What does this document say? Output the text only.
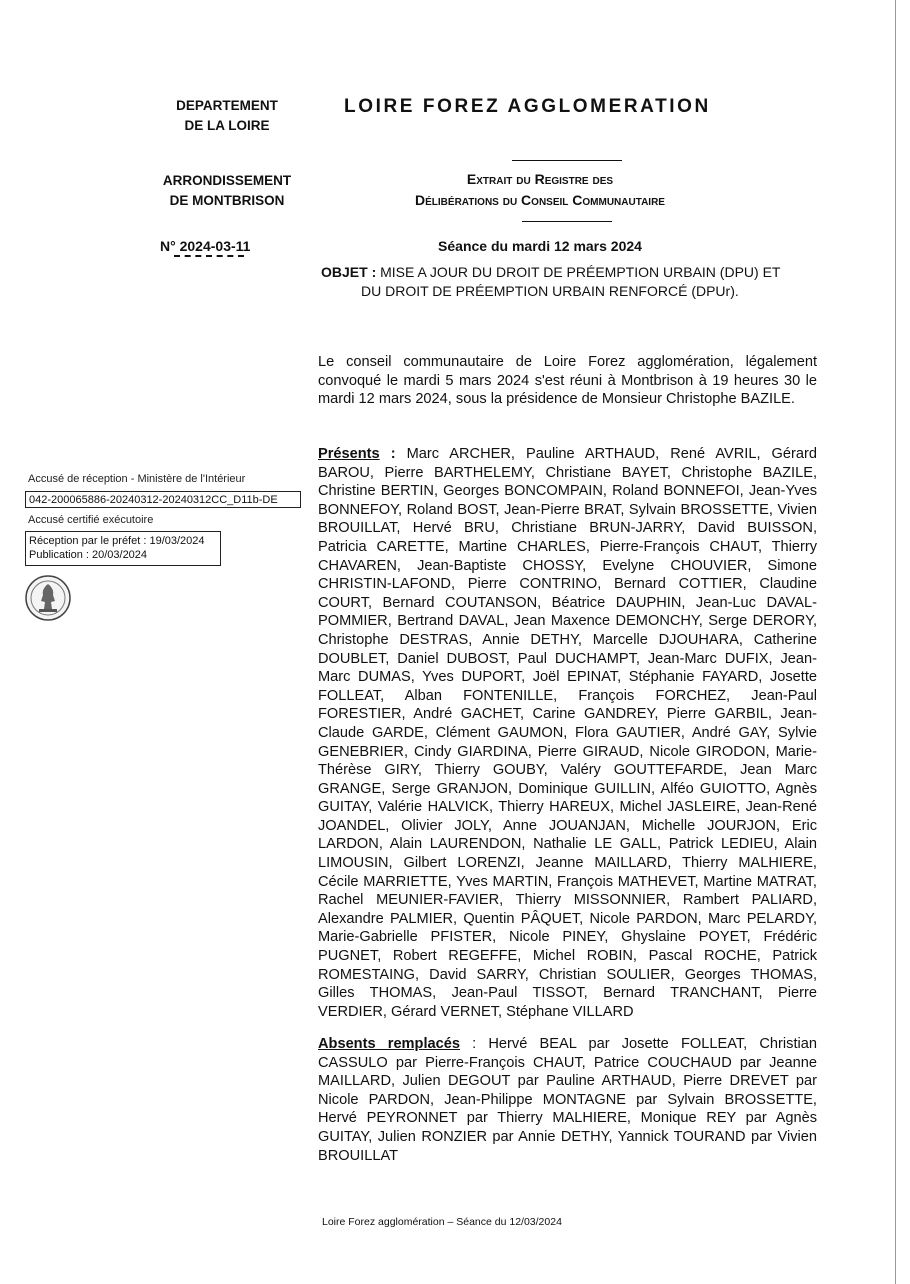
DEPARTEMENT
DE LA LOIRE
ARRONDISSEMENT
DE MONTBRISON
N° 2024-03-11
LOIRE FOREZ AGGLOMERATION
Extrait du Registre des
Délibérations du Conseil Communautaire
Séance du mardi 12 mars 2024
OBJET : MISE A JOUR DU DROIT DE PRÉEMPTION URBAIN (DPU) ET
DU DROIT DE PRÉEMPTION URBAIN RENFORCÉ (DPUr).
Le conseil communautaire de Loire Forez agglomération, légalement convoqué le mardi 5 mars 2024 s'est réuni à Montbrison à 19 heures 30 le mardi 12 mars 2024, sous la présidence de Monsieur Christophe BAZILE.
Présents : Marc ARCHER, Pauline ARTHAUD, René AVRIL, Gérard BAROU, Pierre BARTHELEMY, Christiane BAYET, Christophe BAZILE, Christine BERTIN, Georges BONCOMPAIN, Roland BONNEFOI, Jean-Yves BONNEFOY, Roland BOST, Jean-Pierre BRAT, Sylvain BROSSETTE, Vivien BROUILLAT, Hervé BRU, Christiane BRUN-JARRY, David BUISSON, Patricia CARETTE, Martine CHARLES, Pierre-François CHAUT, Thierry CHAVAREN, Jean-Baptiste CHOSSY, Evelyne CHOUVIER, Simone CHRISTIN-LAFOND, Pierre CONTRINO, Bernard COTTIER, Claudine COURT, Bernard COUTANSON, Béatrice DAUPHIN, Jean-Luc DAVAL-POMMIER, Bertrand DAVAL, Jean Maxence DEMONCHY, Serge DERORY, Christophe DESTRAS, Annie DETHY, Marcelle DJOUHARA, Catherine DOUBLET, Daniel DUBOST, Paul DUCHAMPT, Jean-Marc DUFIX, Jean-Marc DUMAS, Yves DUPORT, Joël EPINAT, Stéphanie FAYARD, Josette FOLLEAT, Alban FONTENILLE, François FORCHEZ, Jean-Paul FORESTIER, André GACHET, Carine GANDREY, Pierre GARBIL, Jean-Claude GARDE, Clément GAUMON, Flora GAUTIER, André GAY, Sylvie GENEBRIER, Cindy GIARDINA, Pierre GIRAUD, Nicole GIRODON, Marie-Thérèse GIRY, Thierry GOUBY, Valéry GOUTTEFARDE, Jean Marc GRANGE, Serge GRANJON, Dominique GUILLIN, Alféo GUIOTTO, Agnès GUITAY, Valérie HALVICK, Thierry HAREUX, Michel JASLEIRE, Jean-René JOANDEL, Olivier JOLY, Anne JOUANJAN, Michelle JOURJON, Eric LARDON, Alain LAURENDON, Nathalie LE GALL, Patrick LEDIEU, Alain LIMOUSIN, Gilbert LORENZI, Jeanne MAILLARD, Thierry MALHIERE, Cécile MARRIETTE, Yves MARTIN, François MATHEVET, Martine MATRAT, Rachel MEUNIER-FAVIER, Thierry MISSONNIER, Rambert PALIARD, Alexandre PALMIER, Quentin PÂQUET, Nicole PARDON, Marc PELARDY, Marie-Gabrielle PFISTER, Nicole PINEY, Ghyslaine POYET, Frédéric PUGNET, Robert REGEFFE, Michel ROBIN, Pascal ROCHE, Patrick ROMESTAING, David SARRY, Christian SOULIER, Georges THOMAS, Gilles THOMAS, Jean-Paul TISSOT, Bernard TRANCHANT, Pierre VERDIER, Gérard VERNET, Stéphane VILLARD
Absents remplacés : Hervé BEAL par Josette FOLLEAT, Christian CASSULO par Pierre-François CHAUT, Patrice COUCHAUD par Jeanne MAILLARD, Julien DEGOUT par Pauline ARTHAUD, Pierre DREVET par Nicole PARDON, Jean-Philippe MONTAGNE par Sylvain BROSSETTE, Hervé PEYRONNET par Thierry MALHIERE, Monique REY par Agnès GUITAY, Julien RONZIER par Annie DETHY, Yannick TOURAND par Vivien BROUILLAT
Accusé de réception - Ministère de l'Intérieur
042-200065886-20240312-20240312CC_D11b-DE
Accusé certifié exécutoire
Réception par le préfet : 19/03/2024
Publication : 20/03/2024
Loire Forez agglomération – Séance du 12/03/2024
